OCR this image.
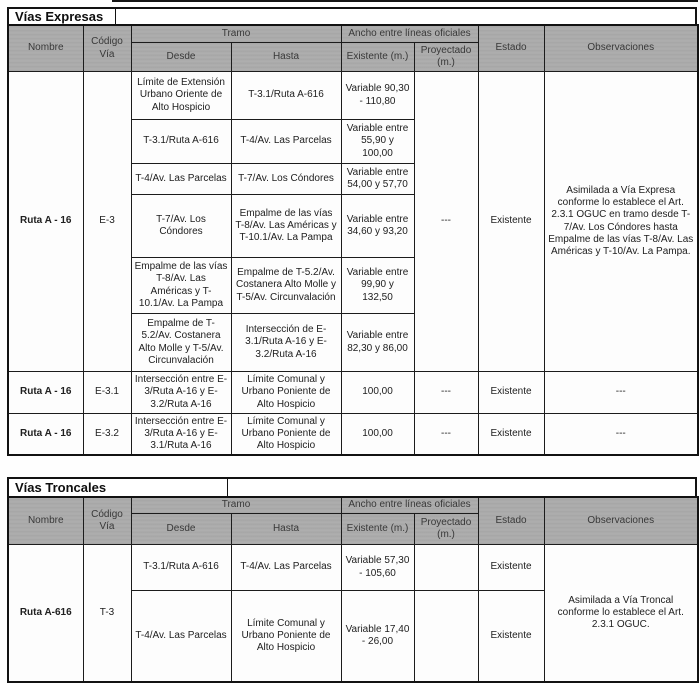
Vías Expresas
Nombre	Código Vía	Tramo		Ancho entre líneas oficiales		Estado	Observaciones
		Desde	Hasta	Existente (m.)	Proyectado (m.)		
Ruta A - 16	E-3	Límite de Extensión Urbano Oriente de Alto Hospicio	T-3.1/Ruta A-616	Variable 90,30 - 110,80	---	Existente	Asimilada a Vía Expresa conforme lo establece el Art. 2.3.1 OGUC en tramo desde T-7/Av. Los Cóndores hasta Empalme de las vías T-8/Av. Las Américas y T-10/Av. La Pampa.
		T-3.1/Ruta A-616	T-4/Av. Las Parcelas	Variable entre 55,90 y 100,00			
		T-4/Av. Las Parcelas	T-7/Av. Los Cóndores	Variable entre 54,00 y 57,70			
		T-7/Av. Los Cóndores	Empalme de las vías T-8/Av. Las Américas y T-10.1/Av. La Pampa	Variable entre 34,60 y 93,20			
		Empalme de las vías T-8/Av. Las Américas y T-10.1/Av. La Pampa	Empalme de T-5.2/Av. Costanera Alto Molle y T-5/Av. Circunvalación	Variable entre 99,90 y 132,50			
		Empalme de T-5.2/Av. Costanera Alto Molle y T-5/Av. Circunvalación	Intersección de E-3.1/Ruta A-16 y E-3.2/Ruta A-16	Variable entre 82,30 y 86,00			
Ruta A - 16	E-3.1	Intersección entre E-3/Ruta A-16 y E-3.2/Ruta A-16	Límite Comunal y Urbano Poniente de Alto Hospicio	100,00	---	Existente	---
Ruta A - 16	E-3.2	Intersección entre E-3/Ruta A-16 y E-3.1/Ruta A-16	Límite Comunal y Urbano Poniente de Alto Hospicio	100,00	---	Existente	---
Vías Troncales
Nombre	Código Vía	Tramo		Ancho entre líneas oficiales		Estado	Observaciones
		Desde	Hasta	Existente (m.)	Proyectado (m.)		
Ruta A-616	T-3	T-3.1/Ruta A-616	T-4/Av. Las Parcelas	Variable 57,30 - 105,60		Existente	Asimilada a Vía Troncal conforme lo establece el Art. 2.3.1 OGUC.
		T-4/Av. Las Parcelas	Límite Comunal y Urbano Poniente de Alto Hospicio	Variable 17,40 - 26,00		Existente	
